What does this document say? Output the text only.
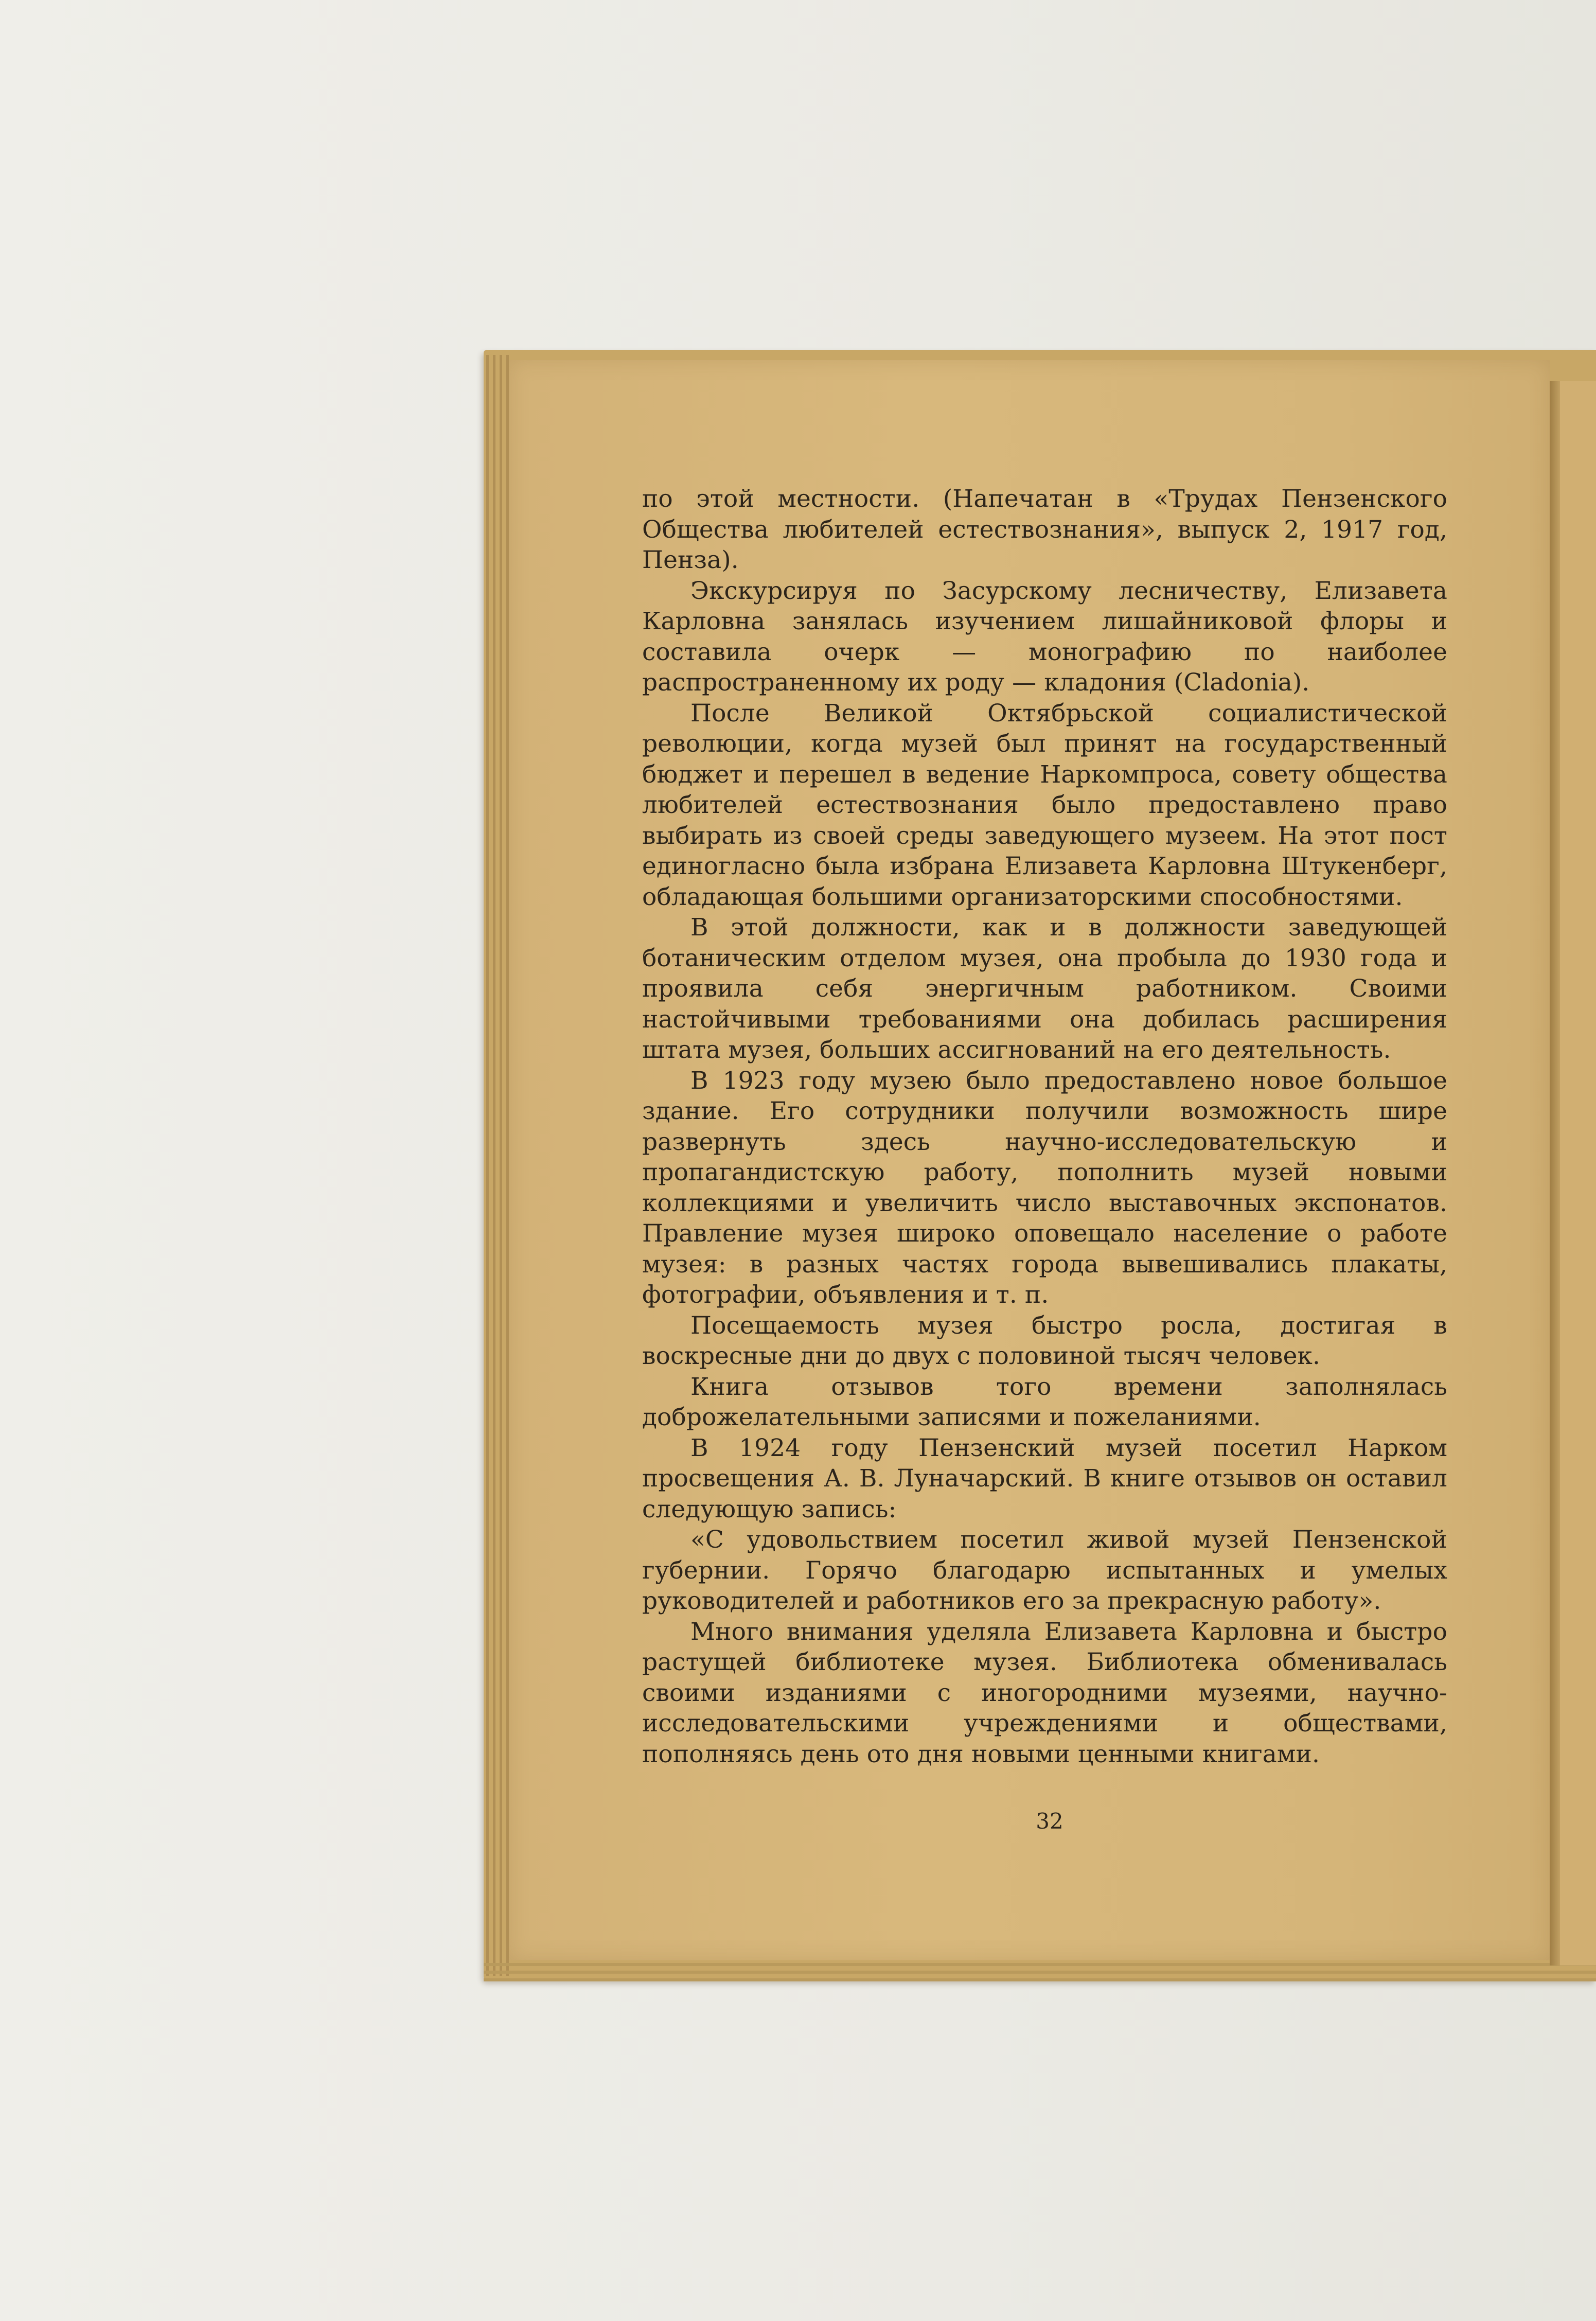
по этой местности. (Напечатан в «Трудах Пензенского Общества любителей естествознания», выпуск 2, 1917 год, Пенза).

Экскурсируя по Засурскому лесничеству, Елизавета Карловна занялась изучением лишайниковой флоры и составила очерк — монографию по наиболее распространенному их роду — кладония (Cladonia).

После Великой Октябрьской социалистической революции, когда музей был принят на государственный бюджет и перешел в ведение Наркомпроса, совету общества любителей естествознания было предоставлено право выбирать из своей среды заведующего музеем. На этот пост единогласно была избрана Елизавета Карловна Штукенберг, обладающая большими организаторскими способностями.

В этой должности, как и в должности заведующей ботаническим отделом музея, она пробыла до 1930 года и проявила себя энергичным работником. Своими настойчивыми требованиями она добилась расширения штата музея, больших ассигнований на его деятельность.

В 1923 году музею было предоставлено новое большое здание. Его сотрудники получили возможность шире развернуть здесь научно-исследовательскую и пропагандистскую работу, пополнить музей новыми коллекциями и увеличить число выставочных экспонатов. Правление музея широко оповещало население о работе музея: в разных частях города вывешивались плакаты, фотографии, объявления и т. п.

Посещаемость музея быстро росла, достигая в воскресные дни до двух с половиной тысяч человек.

Книга отзывов того времени заполнялась доброжелательными записями и пожеланиями.

В 1924 году Пензенский музей посетил Нарком просвещения А. В. Луначарский. В книге отзывов он оставил следующую запись:

«С удовольствием посетил живой музей Пензенской губернии. Горячо благодарю испытанных и умелых руководителей и работников его за прекрасную работу».

Много внимания уделяла Елизавета Карловна и быстро растущей библиотеке музея. Библиотека обменивалась своими изданиями с иногородними музеями, научно-исследовательскими учреждениями и обществами, пополняясь день ото дня новыми ценными книгами.

32
